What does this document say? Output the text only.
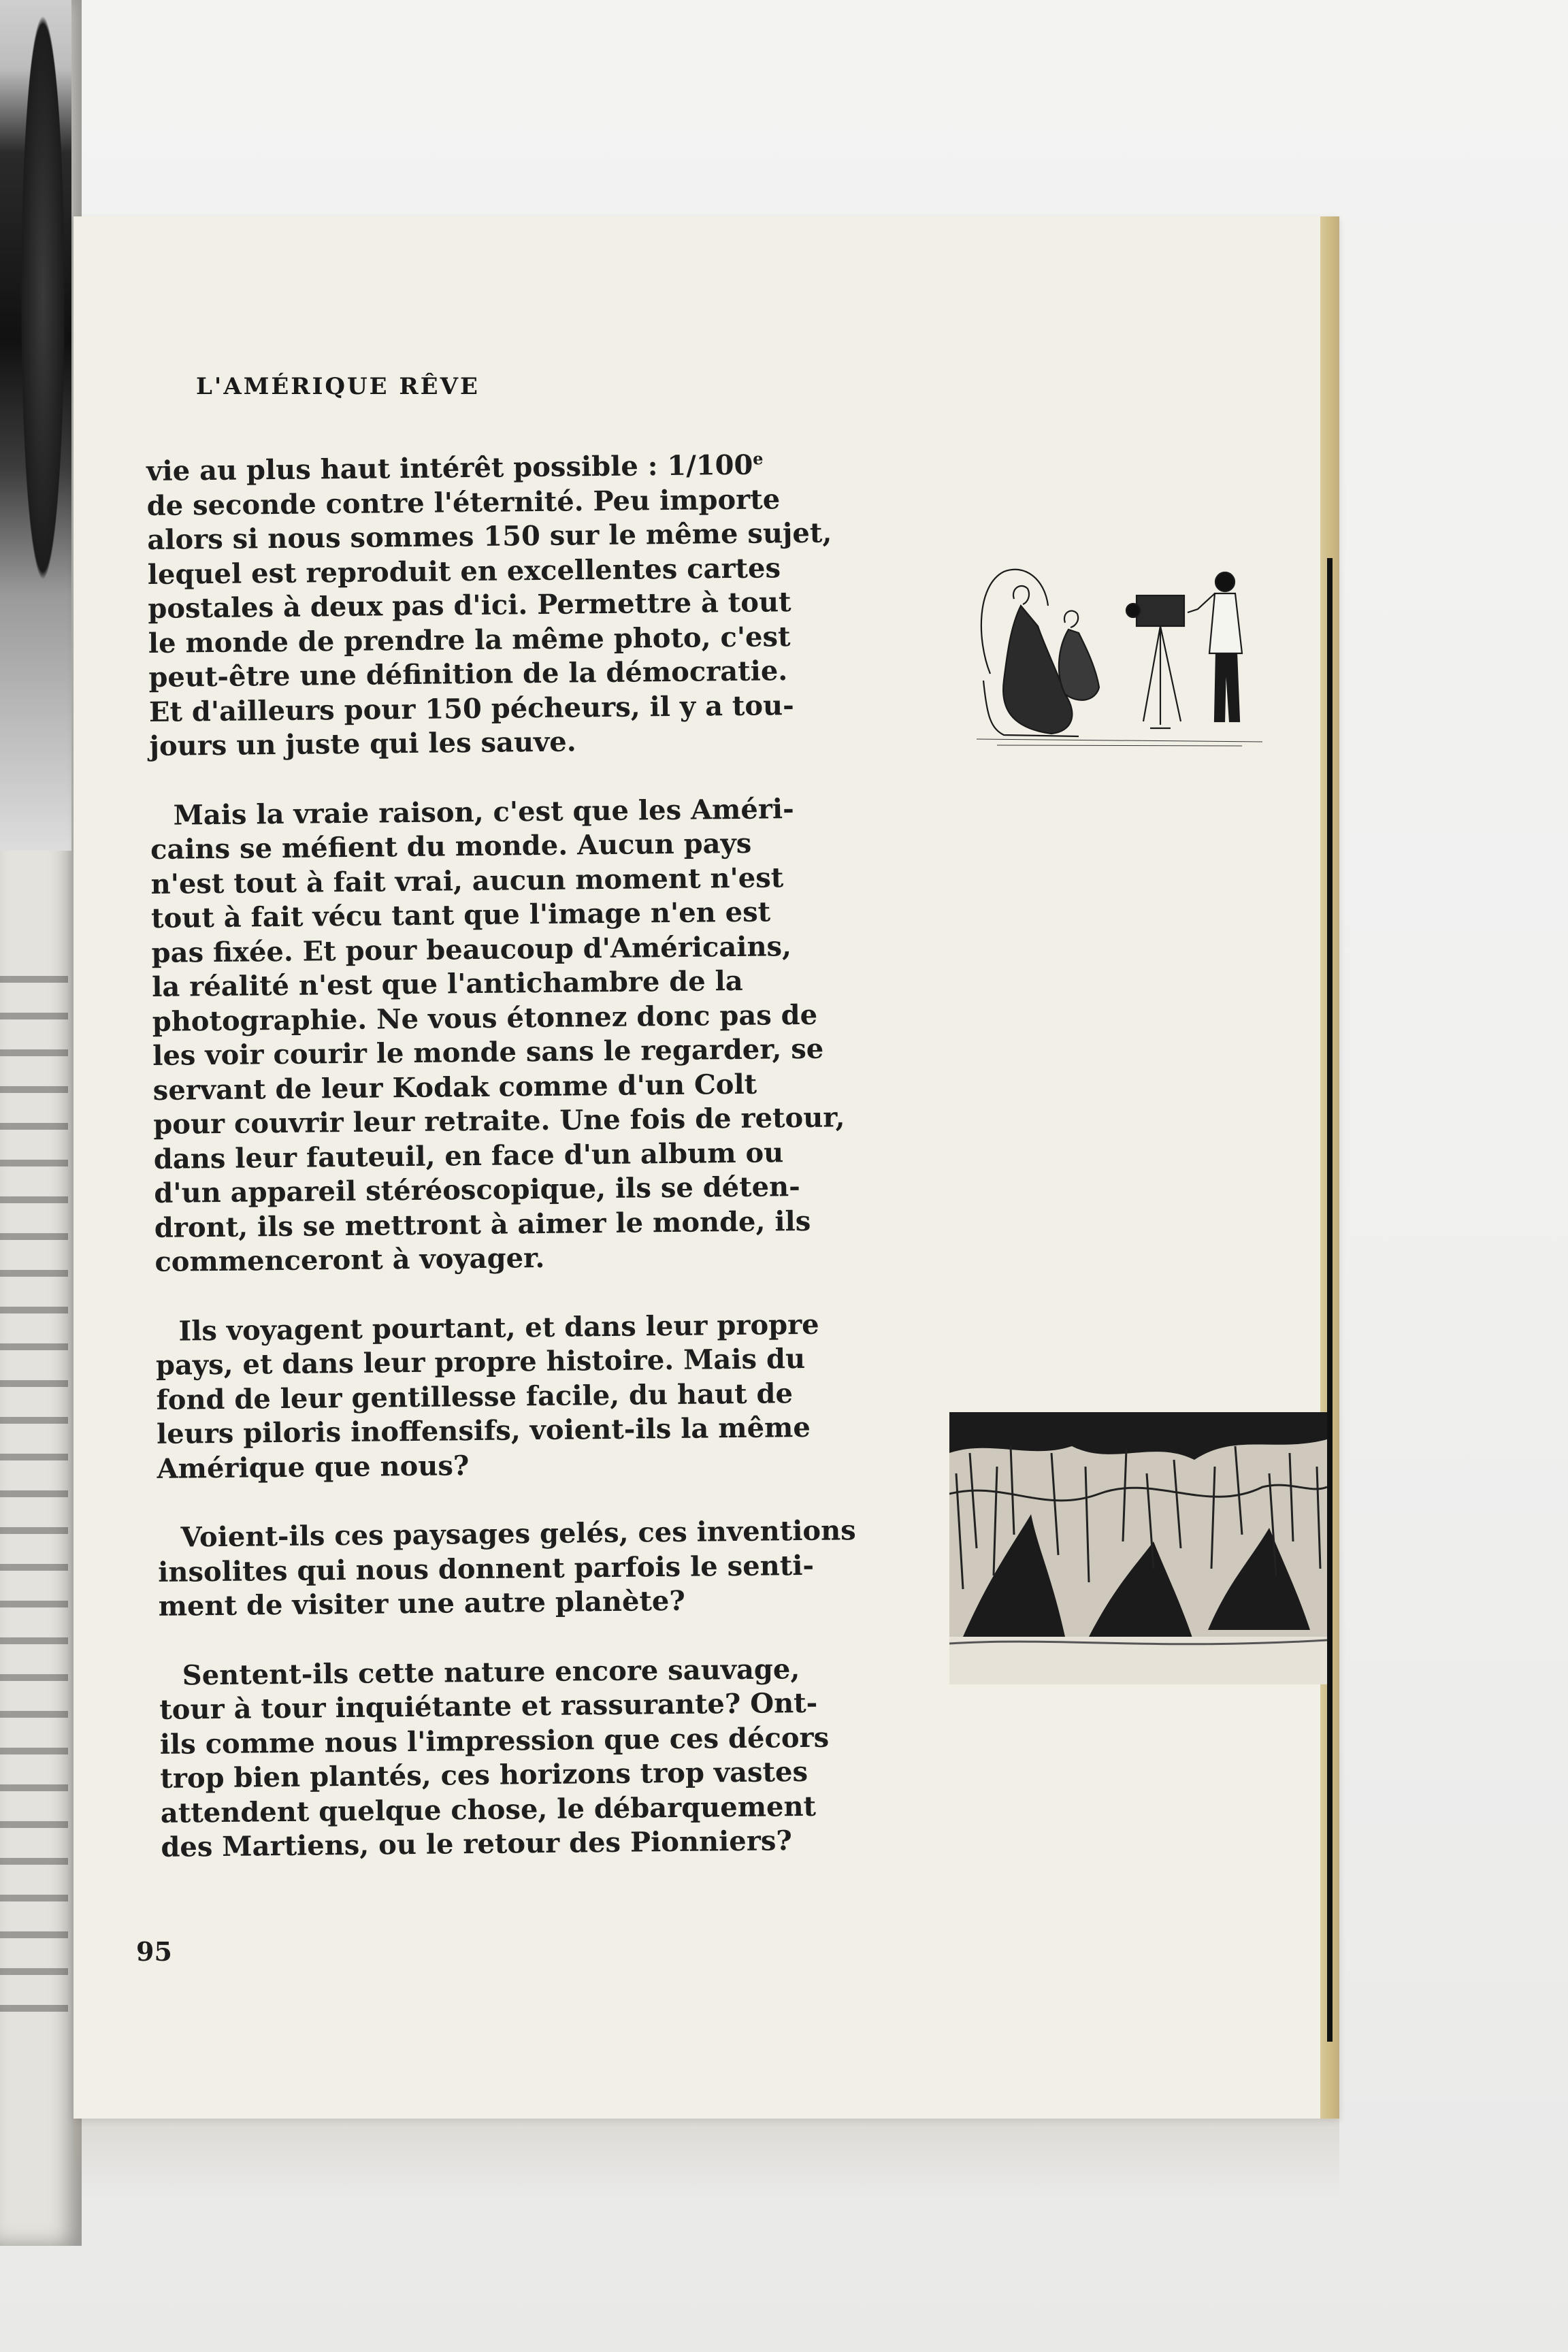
L'AMÉRIQUE RÊVE
vie au plus haut intérêt possible : 1/100e
de seconde contre l'éternité. Peu importe
alors si nous sommes 150 sur le même sujet,
lequel est reproduit en excellentes cartes
postales à deux pas d'ici. Permettre à tout
le monde de prendre la même photo, c'est
peut-être une définition de la démocratie.
Et d'ailleurs pour 150 pécheurs, il y a tou-
jours un juste qui les sauve.
Mais la vraie raison, c'est que les Améri-
cains se méfient du monde. Aucun pays
n'est tout à fait vrai, aucun moment n'est
tout à fait vécu tant que l'image n'en est
pas fixée. Et pour beaucoup d'Américains,
la réalité n'est que l'antichambre de la
photographie. Ne vous étonnez donc pas de
les voir courir le monde sans le regarder, se
servant de leur Kodak comme d'un Colt
pour couvrir leur retraite. Une fois de retour,
dans leur fauteuil, en face d'un album ou
d'un appareil stéréoscopique, ils se déten-
dront, ils se mettront à aimer le monde, ils
commenceront à voyager.
Ils voyagent pourtant, et dans leur propre
pays, et dans leur propre histoire. Mais du
fond de leur gentillesse facile, du haut de
leurs piloris inoffensifs, voient-ils la même
Amérique que nous?
Voient-ils ces paysages gelés, ces inventions
insolites qui nous donnent parfois le senti-
ment de visiter une autre planète?
Sentent-ils cette nature encore sauvage,
tour à tour inquiétante et rassurante? Ont-
ils comme nous l'impression que ces décors
trop bien plantés, ces horizons trop vastes
attendent quelque chose, le débarquement
des Martiens, ou le retour des Pionniers?
95
